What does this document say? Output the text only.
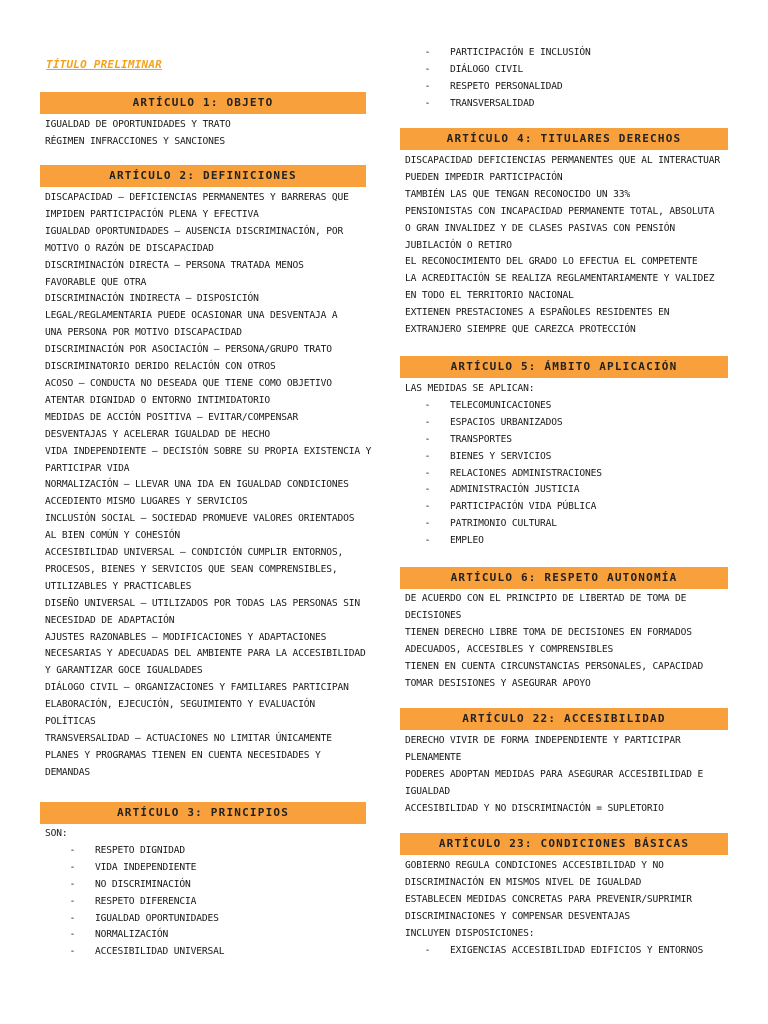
TÍTULO PRELIMINAR
ARTÍCULO 1: OBJETO
IGUALDAD DE OPORTUNIDADES Y TRATO
RÉGIMEN INFRACCIONES Y SANCIONES
ARTÍCULO 2: DEFINICIONES
DISCAPACIDAD – DEFICIENCIAS PERMANENTES Y BARRERAS QUE
IMPIDEN PARTICIPACIÓN PLENA Y EFECTIVA
IGUALDAD OPORTUNIDADES – AUSENCIA DISCRIMINACIÓN, POR
MOTIVO O RAZÓN DE DISCAPACIDAD
DISCRIMINACIÓN DIRECTA – PERSONA TRATADA MENOS
FAVORABLE QUE OTRA
DISCRIMINACIÓN INDIRECTA – DISPOSICIÓN
LEGAL/REGLAMENTARIA PUEDE OCASIONAR UNA DESVENTAJA A
UNA PERSONA POR MOTIVO DISCAPACIDAD
DISCRIMINACIÓN POR ASOCIACIÓN – PERSONA/GRUPO TRATO
DISCRIMINATORIO DERIDO RELACIÓN CON OTROS
ACOSO – CONDUCTA NO DESEADA QUE TIENE COMO OBJETIVO
ATENTAR DIGNIDAD O ENTORNO INTIMIDATORIO
MEDIDAS DE ACCIÓN POSITIVA – EVITAR/COMPENSAR
DESVENTAJAS Y ACELERAR IGUALDAD DE HECHO
VIDA INDEPENDIENTE – DECISIÓN SOBRE SU PROPIA EXISTENCIA Y
PARTICIPAR VIDA
NORMALIZACIÓN – LLEVAR UNA IDA EN IGUALDAD CONDICIONES
ACCEDIENTO MISMO LUGARES Y SERVICIOS
INCLUSIÓN SOCIAL – SOCIEDAD PROMUEVE VALORES ORIENTADOS
AL BIEN COMÚN Y COHESIÓN
ACCESIBILIDAD UNIVERSAL – CONDICIÓN CUMPLIR ENTORNOS,
PROCESOS, BIENES Y SERVICIOS QUE SEAN COMPRENSIBLES,
UTILIZABLES Y PRACTICABLES
DISEÑO UNIVERSAL – UTILIZADOS POR TODAS LAS PERSONAS SIN
NECESIDAD DE ADAPTACIÓN
AJUSTES RAZONABLES – MODIFICACIONES Y ADAPTACIONES
NECESARIAS Y ADECUADAS DEL AMBIENTE PARA LA ACCESIBILIDAD
Y GARANTIZAR GOCE IGUALDADES
DIÁLOGO CIVIL – ORGANIZACIONES Y FAMILIARES PARTICIPAN
ELABORACIÓN, EJECUCIÓN, SEGUIMIENTO Y EVALUACIÓN
POLÍTICAS
TRANSVERSALIDAD – ACTUACIONES NO LIMITAR ÚNICAMENTE
PLANES Y PROGRAMAS TIENEN EN CUENTA NECESIDADES Y
DEMANDAS
ARTÍCULO 3: PRINCIPIOS
SON:
-	RESPETO DIGNIDAD
-	VIDA INDEPENDIENTE
-	NO DISCRIMINACIÓN
-	RESPETO DIFERENCIA
-	IGUALDAD OPORTUNIDADES
-	NORMALIZACIÓN
-	ACCESIBILIDAD UNIVERSAL
-	PARTICIPACIÓN E INCLUSIÓN
-	DIÁLOGO CIVIL
-	RESPETO PERSONALIDAD
-	TRANSVERSALIDAD
ARTÍCULO 4: TITULARES DERECHOS
DISCAPACIDAD DEFICIENCIAS PERMANENTES QUE AL INTERACTUAR
PUEDEN IMPEDIR PARTICIPACIÓN
TAMBIÉN LAS QUE TENGAN RECONOCIDO UN 33%
PENSIONISTAS CON INCAPACIDAD PERMANENTE TOTAL, ABSOLUTA
O GRAN INVALIDEZ Y DE CLASES PASIVAS CON PENSIÓN
JUBILACIÓN O RETIRO
EL RECONOCIMIENTO DEL GRADO LO EFECTUA EL COMPETENTE
LA ACREDITACIÓN SE REALIZA REGLAMENTARIAMENTE Y VALIDEZ
EN TODO EL TERRITORIO NACIONAL
EXTIENEN PRESTACIONES A ESPAÑOLES RESIDENTES EN
EXTRANJERO SIEMPRE QUE CAREZCA PROTECCIÓN
ARTÍCULO 5: ÁMBITO APLICACIÓN
LAS MEDIDAS SE APLICAN:
-	TELECOMUNICACIONES
-	ESPACIOS URBANIZADOS
-	TRANSPORTES
-	BIENES Y SERVICIOS
-	RELACIONES ADMINISTRACIONES
-	ADMINISTRACIÓN JUSTICIA
-	PARTICIPACIÓN VIDA PÚBLICA
-	PATRIMONIO CULTURAL
-	EMPLEO
ARTÍCULO 6: RESPETO AUTONOMÍA
DE ACUERDO CON EL PRINCIPIO DE LIBERTAD DE TOMA DE
DECISIONES
TIENEN DERECHO LIBRE TOMA DE DECISIONES EN FORMADOS
ADECUADOS, ACCESIBLES Y COMPRENSIBLES
TIENEN EN CUENTA CIRCUNSTANCIAS PERSONALES, CAPACIDAD
TOMAR DESISIONES Y ASEGURAR APOYO
ARTÍCULO 22: ACCESIBILIDAD
DERECHO VIVIR DE FORMA INDEPENDIENTE Y PARTICIPAR
PLENAMENTE
PODERES ADOPTAN MEDIDAS PARA ASEGURAR ACCESIBILIDAD E
IGUALDAD
ACCESIBILIDAD Y NO DISCRIMINACIÓN = SUPLETORIO
ARTÍCULO 23: CONDICIONES BÁSICAS
GOBIERNO REGULA CONDICIONES ACCESIBILIDAD Y NO
DISCRIMINACIÓN EN MISMOS NIVEL DE IGUALDAD
ESTABLECEN MEDIDAS CONCRETAS PARA PREVENIR/SUPRIMIR
DISCRIMINACIONES Y COMPENSAR DESVENTAJAS
INCLUYEN DISPOSICIONES:
-	EXIGENCIAS ACCESIBILIDAD EDIFICIOS Y ENTORNOS
